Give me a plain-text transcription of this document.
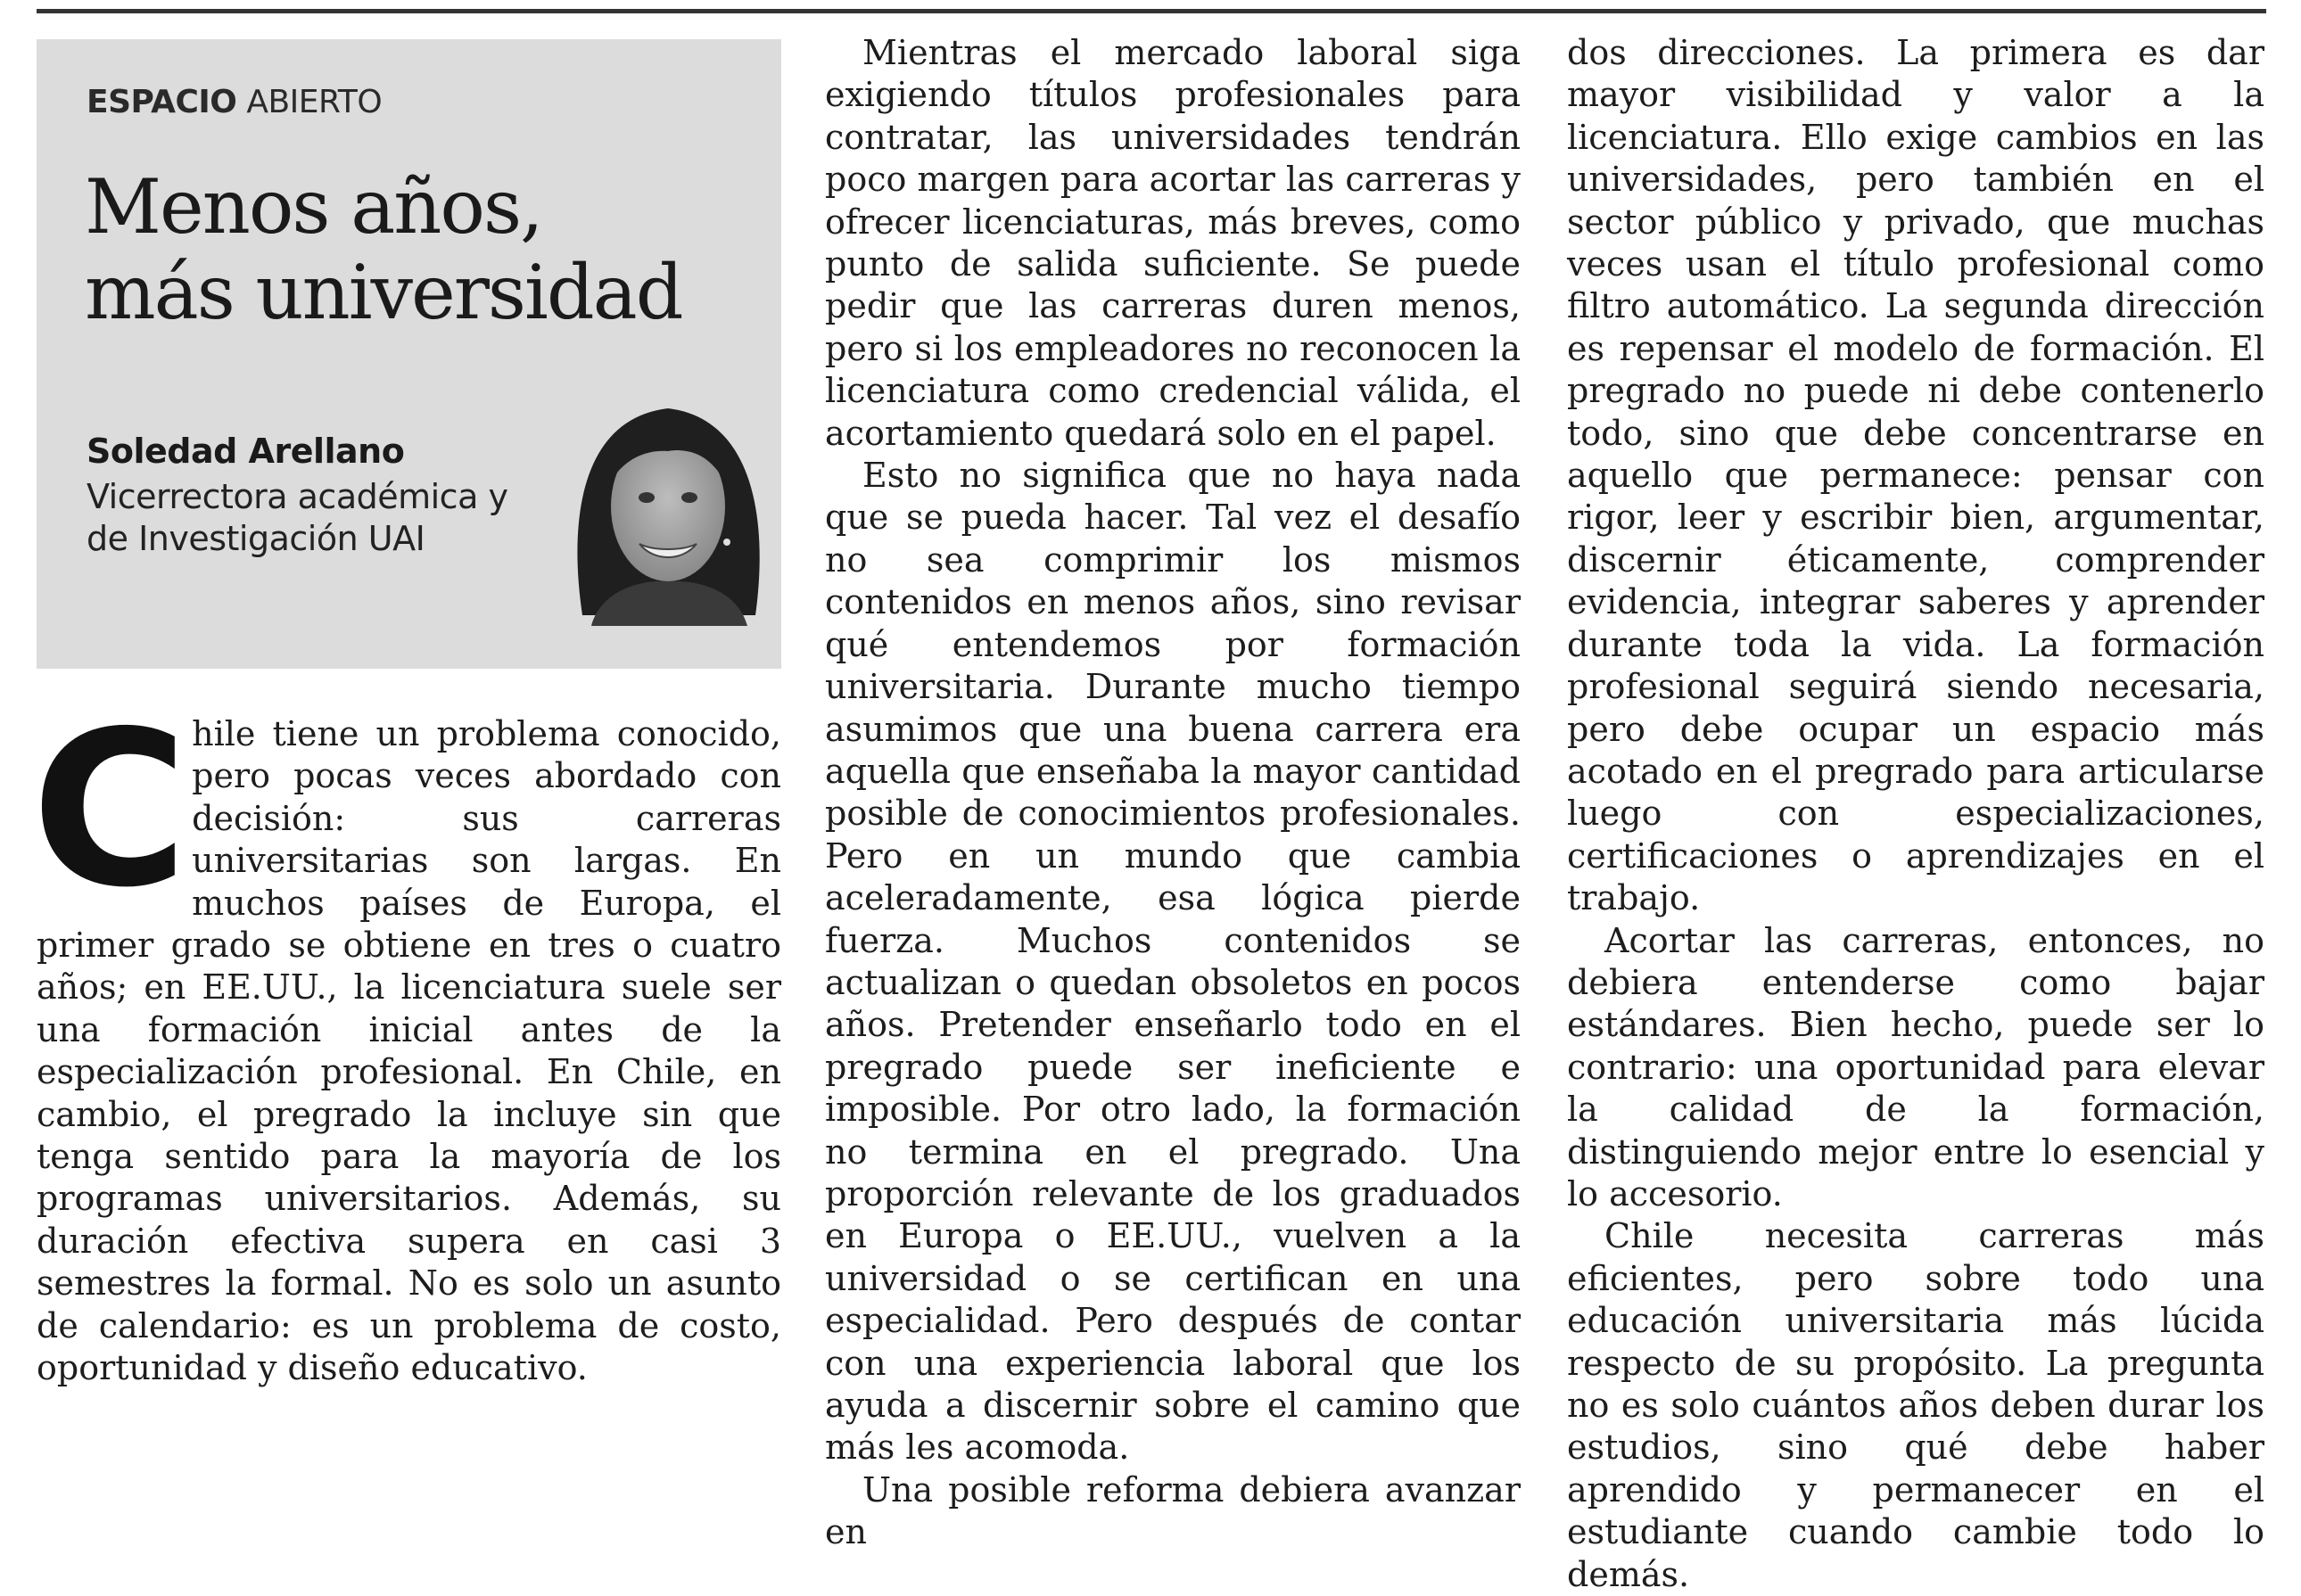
ESPACIO ABIERTO
Menos años, más universidad
Soledad Arellano
Vicerrectora académica y de Investigación UAI

Chile tiene un problema conocido, pero pocas veces abordado con decisión: sus carreras universitarias son largas. En muchos países de Europa, el primer grado se obtiene en tres o cuatro años; en EE.UU., la licenciatura suele ser una formación inicial antes de la especialización profesional. En Chile, en cambio, el pregrado la incluye sin que tenga sentido para la mayoría de los programas universitarios. Además, su duración efectiva supera en casi 3 semestres la formal. No es solo un asunto de calendario: es un problema de costo, oportunidad y diseño educativo.

Mientras el mercado laboral siga exigiendo títulos profesionales para contratar, las universidades tendrán poco margen para acortar las carreras y ofrecer licenciaturas, más breves, como punto de salida suficiente. Se puede pedir que las carreras duren menos, pero si los empleadores no reconocen la licenciatura como credencial válida, el acortamiento quedará solo en el papel.

Esto no significa que no haya nada que se pueda hacer. Tal vez el desafío no sea comprimir los mismos contenidos en menos años, sino revisar qué entendemos por formación universitaria. Durante mucho tiempo asumimos que una buena carrera era aquella que enseñaba la mayor cantidad posible de conocimientos profesionales. Pero en un mundo que cambia aceleradamente, esa lógica pierde fuerza. Muchos contenidos se actualizan o quedan obsoletos en pocos años. Pretender enseñarlo todo en el pregrado puede ser ineficiente e imposible. Por otro lado, la formación no termina en el pregrado. Una proporción relevante de los graduados en Europa o EE.UU., vuelven a la universidad o se certifican en una especialidad. Pero después de contar con una experiencia laboral que los ayuda a discernir sobre el camino que más les acomoda.

Una posible reforma debiera avanzar en

dos direcciones. La primera es dar mayor visibilidad y valor a la licenciatura. Ello exige cambios en las universidades, pero también en el sector público y privado, que muchas veces usan el título profesional como filtro automático. La segunda dirección es repensar el modelo de formación. El pregrado no puede ni debe contenerlo todo, sino que debe concentrarse en aquello que permanece: pensar con rigor, leer y escribir bien, argumentar, discernir éticamente, comprender evidencia, integrar saberes y aprender durante toda la vida. La formación profesional seguirá siendo necesaria, pero debe ocupar un espacio más acotado en el pregrado para articularse luego con especializaciones, certificaciones o aprendizajes en el trabajo.

Acortar las carreras, entonces, no debiera entenderse como bajar estándares. Bien hecho, puede ser lo contrario: una oportunidad para elevar la calidad de la formación, distinguiendo mejor entre lo esencial y lo accesorio.

Chile necesita carreras más eficientes, pero sobre todo una educación universitaria más lúcida respecto de su propósito. La pregunta no es solo cuántos años deben durar los estudios, sino qué debe haber aprendido y permanecer en el estudiante cuando cambie todo lo demás.
